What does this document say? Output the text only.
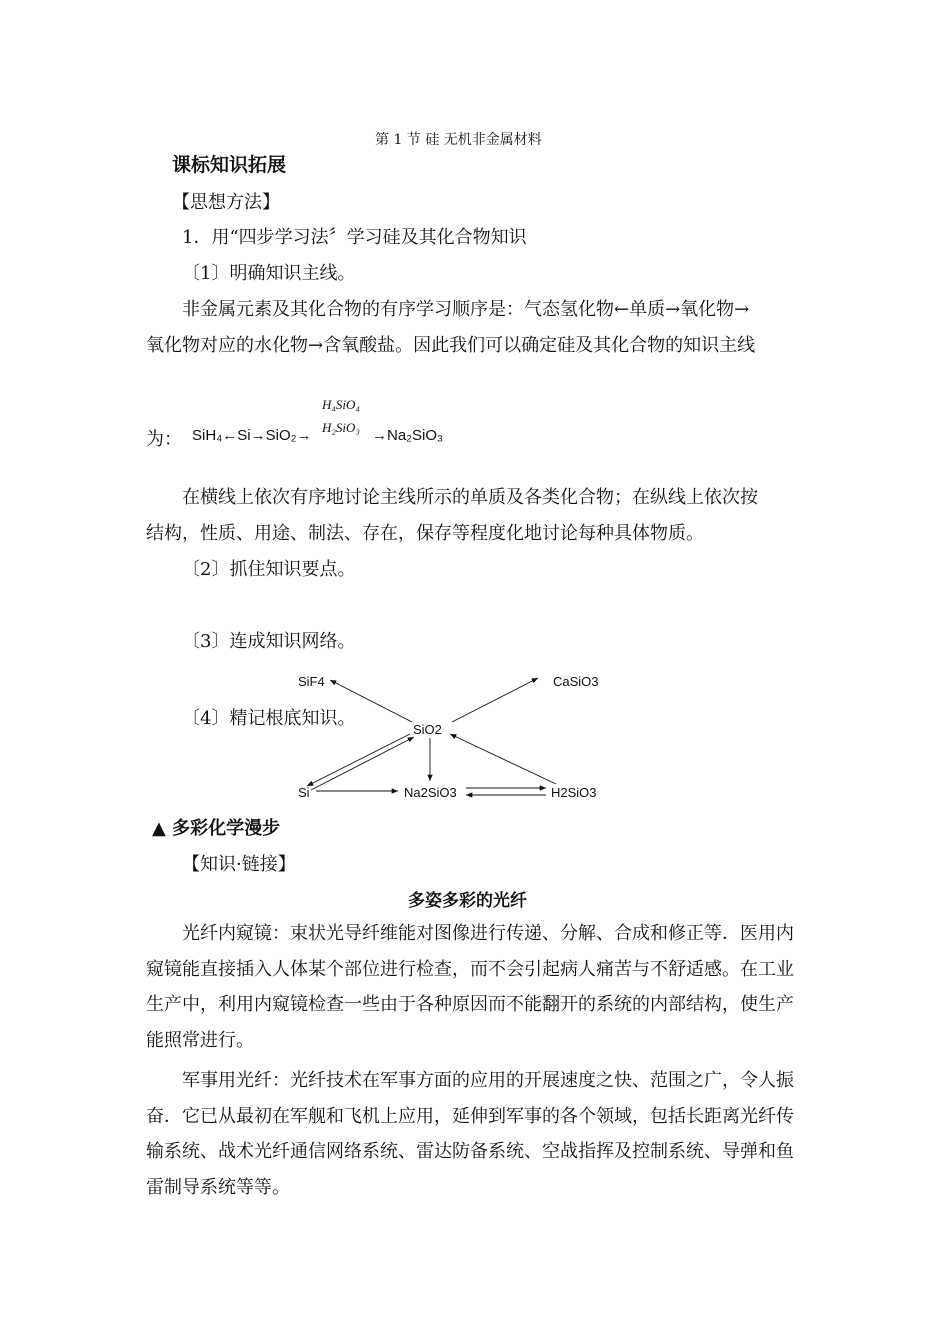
第 1 节 硅 无机非金属材料
课标知识拓展
【思想方法】
1．用“四步学习法〞学习硅及其化合物知识
〔1〕明确知识主线。
非金属元素及其化合物的有序学习顺序是：气态氢化物←单质→氧化物→
氧化物对应的水化物→含氧酸盐。因此我们可以确定硅及其化合物的知识主线
H₄SiO₄
H₂SiO₃
为： SiH₄←Si→SiO₂→	→Na₂SiO₃
在横线上依次有序地讨论主线所示的单质及各类化合物；在纵线上依次按
结构，性质、用途、制法、存在，保存等程度化地讨论每种具体物质。
〔2〕抓住知识要点。
〔3〕连成知识网络。
〔4〕精记根底知识。
SiF4	CaSiO3
SiO2
Si	Na2SiO3	H2SiO3
▲ 多彩化学漫步
【知识·链接】
多姿多彩的光纤
光纤内窥镜：束状光导纤维能对图像进行传递、分解、合成和修正等．医用内窥镜能直接插入人体某个部位进行检查，而不会引起病人痛苦与不舒适感。在工业生产中，利用内窥镜检查一些由于各种原因而不能翻开的系统的内部结构，使生产能照常进行。
军事用光纤：光纤技术在军事方面的应用的开展速度之快、范围之广，令人振奋．它已从最初在军舰和飞机上应用，延伸到军事的各个领域，包括长距离光纤传输系统、战术光纤通信网络系统、雷达防备系统、空战指挥及控制系统、导弹和鱼雷制导系统等等。
